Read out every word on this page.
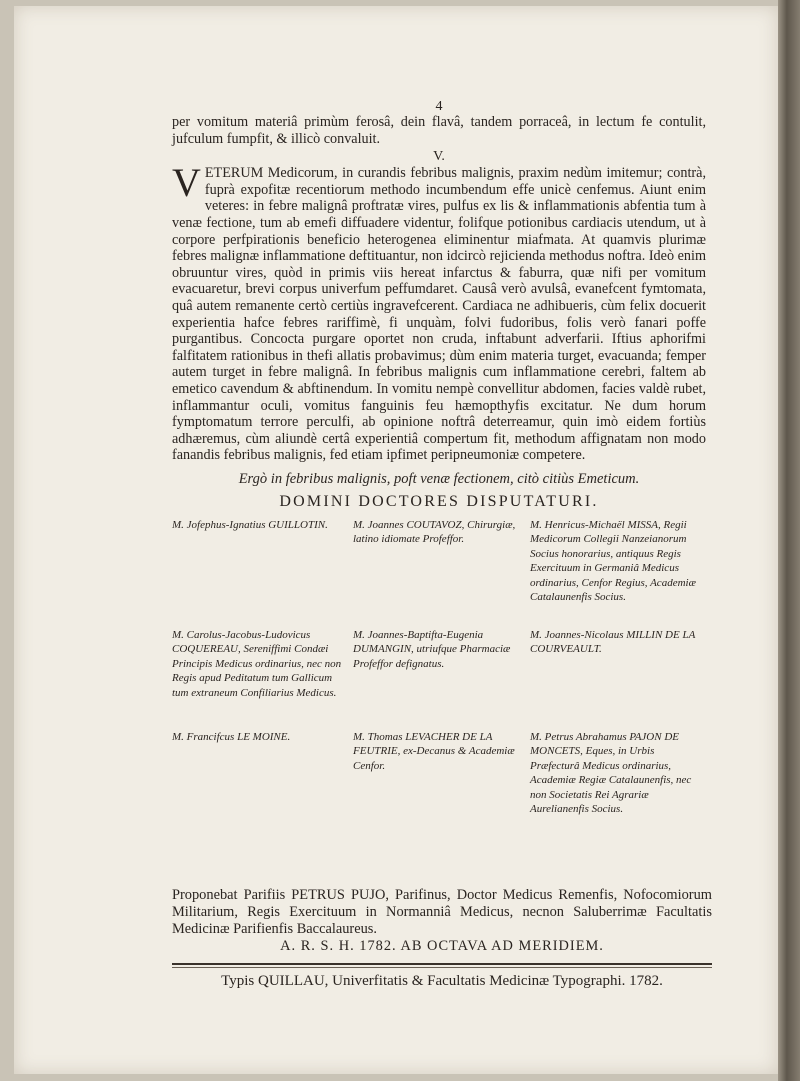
4

per vomitum materiâ primùm ferosâ, dein flavâ, tandem porraceâ, in lectum fe contulit, jufculum fumpfit, & illicò convaluit.

V.

VETERUM Medicorum, in curandis febribus malignis, praxim nedùm imitemur; contrà, fuprà expofitæ recentiorum methodo incumbendum effe unicè cenfemus. Aiunt enim veteres: in febre malignâ proftratæ vires, pulfus ex lis & inflammationis abfentia tum à venæ fectione, tum ab emefi diffuadere videntur, folifque potionibus cardiacis utendum, ut à corpore perfpirationis beneficio heterogenea eliminentur miafmata. At quamvis plurimæ febres malignæ inflammatione deftituantur, non idcircò rejicienda methodus noftra. Ideò enim obruuntur vires, quòd in primis viis hereat infarctus & faburra, quæ nifi per vomitum evacuaretur, brevi corpus univerfum peffumdaret. Causâ verò avulsâ, evanefcent fymtomata, quâ autem remanente certò certiùs ingravefcerent. Cardiaca ne adhibueris, cùm felix docuerit experientia hafce febres rariffimè, fi unquàm, folvi fudoribus, folis verò fanari poffe purgantibus. Concocta purgare oportet non cruda, inftabunt adverfarii. Iftius aphorifmi falfitatem rationibus in thefi allatis probavimus; dùm enim materia turget, evacuanda; femper autem turget in febre malignâ. In febribus malignis cum inflammatione cerebri, faltem ab emetico cavendum & abftinendum. In vomitu nempè convellitur abdomen, facies valdè rubet, inflammantur oculi, vomitus fanguinis feu hæmopthyfis excitatur. Ne dum horum fymptomatum terrore perculfi, ab opinione noftrâ deterreamur, quin imò eidem fortiùs adhæremus, cùm aliundè certâ experientiâ compertum fit, methodum affignatam non modo fanandis febribus malignis, fed etiam ipfimet peripneumoniæ competere.

Ergò in febribus malignis, poft venæ fectionem, citò citiùs Emeticum.

DOMINI DOCTORES DISPUTATURI.

M. Jofephus-Ignatius GUILLOTIN.	M. Joannes COUTAVOZ, Chirurgiæ, latino idiomate Profeffor.
M. Henricus-Michaël MISSA, Regii Medicorum Collegii Nanzeianorum Socius honorarius, antiquus Regis Exercituum in Germaniâ Medicus ordinarius, Cenfor Regius, Academiæ Catalaunenfis Socius.
M. Carolus-Jacobus-Ludovicus COQUEREAU, Sereniffimi Condæi Principis Medicus ordinarius, nec non Regis apud Peditatum tum Gallicum tum extraneum Confiliarius Medicus.
M. Joannes-Baptifta-Eugenia DUMANGIN, utriufque Pharmaciæ Profeffor defignatus.
M. Joannes-Nicolaus MILLIN DE LA COURVEAULT.
M. Francifcus LE MOINE.	M. Thomas LEVACHER DE LA FEUTRIE, ex-Decanus & Academiæ Cenfor.
M. Petrus Abrahamus PAJON DE MONCETS, Eques, in Urbis Præfecturâ Medicus ordinarius, Academiæ Regiæ Catalaunenfis, nec non Societatis Rei Agrariæ Aurelianenfis Socius.

Proponebat Parifiis PETRUS PUJO, Parifinus, Doctor Medicus Remenfis, Nofocomiorum Militarium, Regis Exercituum in Normanniâ Medicus, necnon Saluberrimæ Facultatis Medicinæ Parifienfis Baccalaureus.

A. R. S. H. 1782. AB OCTAVA AD MERIDIEM.

Typis QUILLAU, Univerfitatis & Facultatis Medicinæ Typographi. 1782.
